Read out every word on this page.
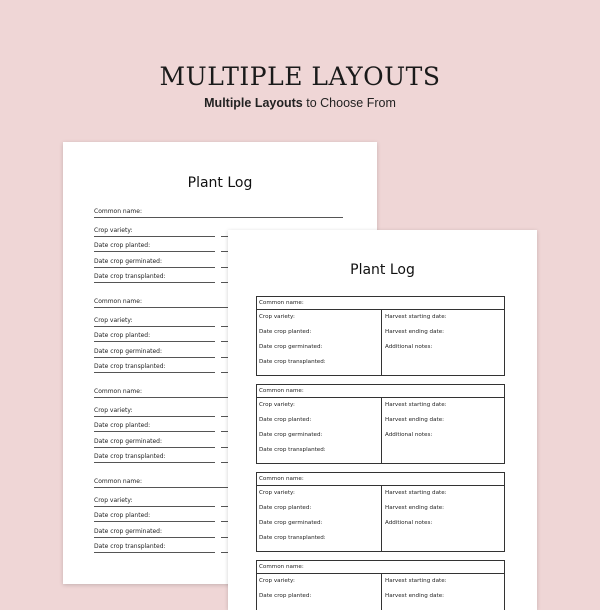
MULTIPLE LAYOUTS
Multiple Layouts to Choose From
Plant Log
Common name:
Crop variety:
Date crop planted:
Date crop germinated:
Date crop transplanted:
Common name:
Crop variety:
Date crop planted:
Date crop germinated:
Date crop transplanted:
Common name:
Crop variety:
Date crop planted:
Date crop germinated:
Date crop transplanted:
Common name:
Crop variety:
Date crop planted:
Date crop germinated:
Date crop transplanted:
Plant Log
Common name:
Crop variety:
Date crop planted:
Date crop germinated:
Date crop transplanted:
Harvest starting date:
Harvest ending date:
Additional notes:
Common name:
Crop variety:
Date crop planted:
Date crop germinated:
Date crop transplanted:
Harvest starting date:
Harvest ending date:
Additional notes:
Common name:
Crop variety:
Date crop planted:
Date crop germinated:
Date crop transplanted:
Harvest starting date:
Harvest ending date:
Additional notes:
Common name:
Crop variety:
Date crop planted:
Harvest starting date:
Harvest ending date:
